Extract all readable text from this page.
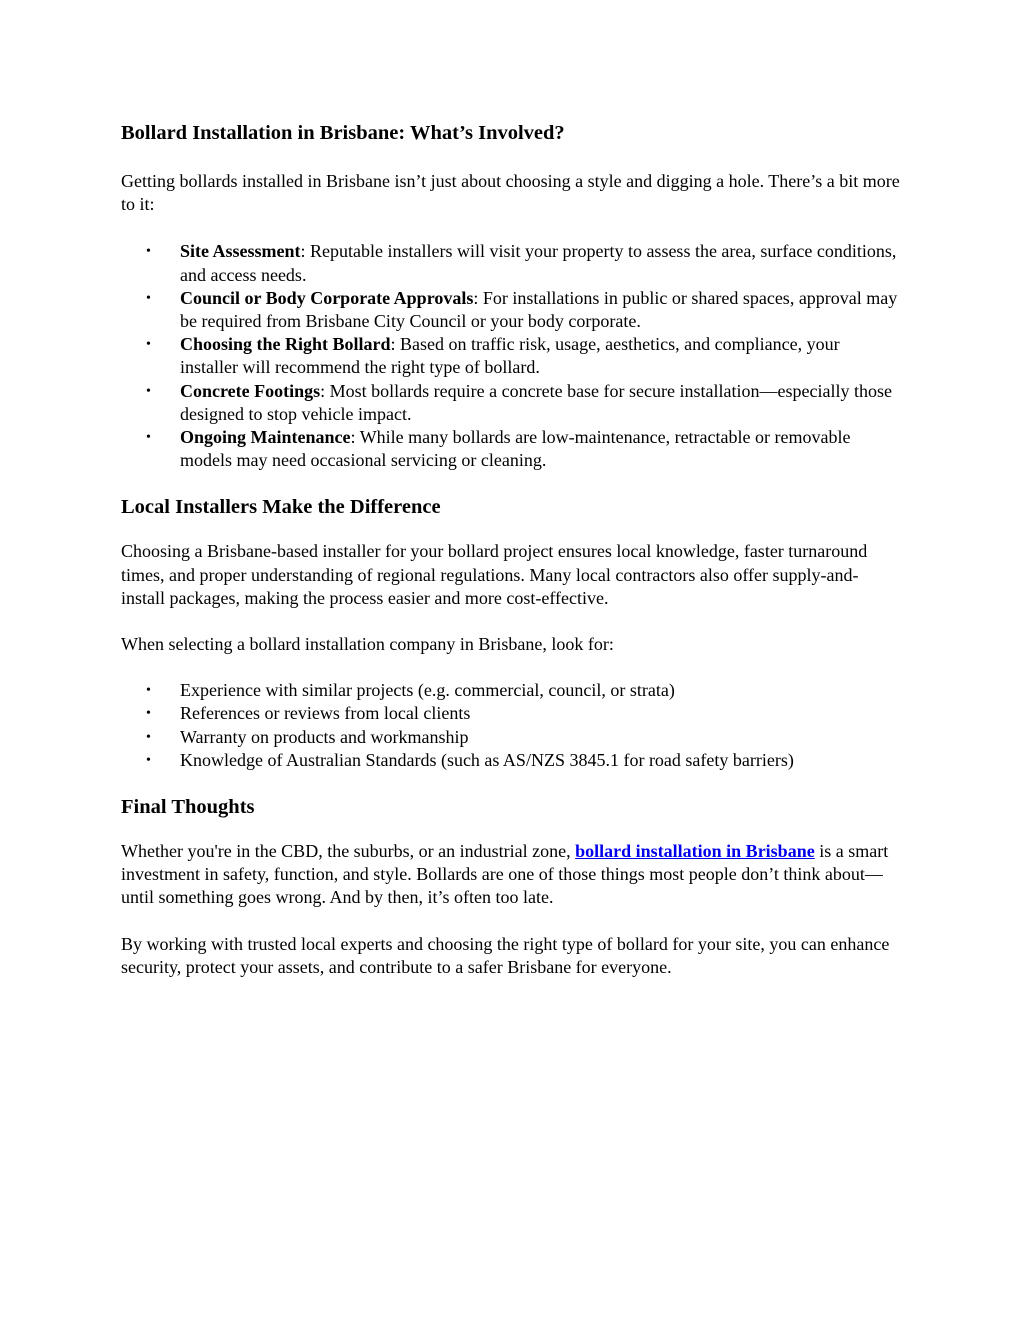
Bollard Installation in Brisbane: What’s Involved?

Getting bollards installed in Brisbane isn’t just about choosing a style and digging a hole. There’s a bit more to it:

• Site Assessment: Reputable installers will visit your property to assess the area, surface conditions, and access needs.
• Council or Body Corporate Approvals: For installations in public or shared spaces, approval may be required from Brisbane City Council or your body corporate.
• Choosing the Right Bollard: Based on traffic risk, usage, aesthetics, and compliance, your installer will recommend the right type of bollard.
• Concrete Footings: Most bollards require a concrete base for secure installation—especially those designed to stop vehicle impact.
• Ongoing Maintenance: While many bollards are low-maintenance, retractable or removable models may need occasional servicing or cleaning.
Local Installers Make the Difference

Choosing a Brisbane-based installer for your bollard project ensures local knowledge, faster turnaround times, and proper understanding of regional regulations. Many local contractors also offer supply-and-install packages, making the process easier and more cost-effective.

When selecting a bollard installation company in Brisbane, look for:

• Experience with similar projects (e.g. commercial, council, or strata)
• References or reviews from local clients
• Warranty on products and workmanship
• Knowledge of Australian Standards (such as AS/NZS 3845.1 for road safety barriers)
Final Thoughts

Whether you're in the CBD, the suburbs, or an industrial zone, bollard installation in Brisbane is a smart investment in safety, function, and style. Bollards are one of those things most people don’t think about—until something goes wrong. And by then, it’s often too late.

By working with trusted local experts and choosing the right type of bollard for your site, you can enhance security, protect your assets, and contribute to a safer Brisbane for everyone.
